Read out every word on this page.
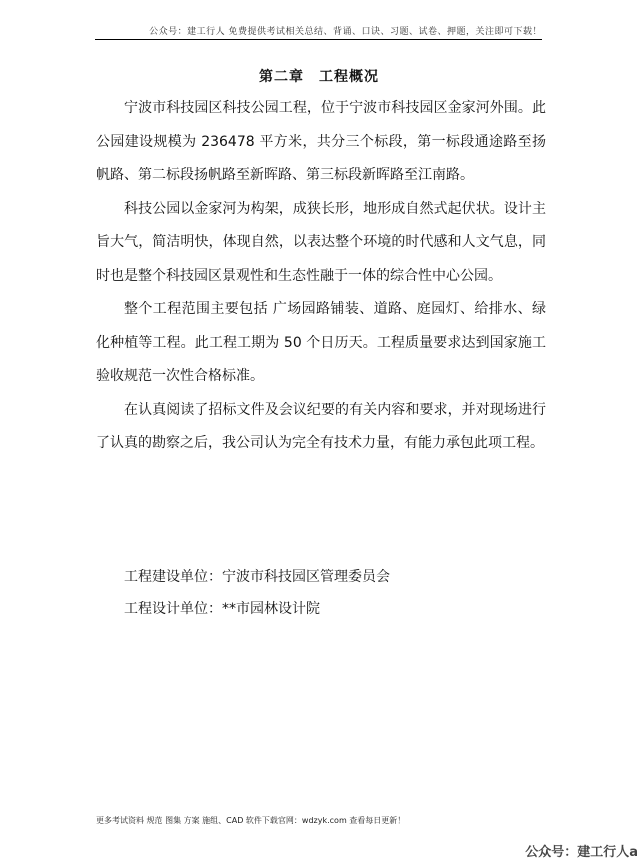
公众号：建工行人 免费提供考试相关总结、背诵、口诀、习题、试卷、押题，关注即可下载！
第二章　工程概况

宁波市科技园区科技公园工程，位于宁波市科技园区金家河外围。此公园建设规模为 236478 平方米，共分三个标段，第一标段通途路至扬帆路、第二标段扬帆路至新晖路、第三标段新晖路至江南路。

科技公园以金家河为构架，成狭长形，地形成自然式起伏状。设计主旨大气，简洁明快，体现自然，以表达整个环境的时代感和人文气息，同时也是整个科技园区景观性和生态性融于一体的综合性中心公园。

整个工程范围主要包括 广场园路铺装、道路、庭园灯、给排水、绿化种植等工程。此工程工期为 50 个日历天。工程质量要求达到国家施工验收规范一次性合格标准。

在认真阅读了招标文件及会议纪要的有关内容和要求，并对现场进行了认真的勘察之后，我公司认为完全有技术力量，有能力承包此项工程。

工程建设单位：宁波市科技园区管理委员会
工程设计单位：**市园林设计院
更多考试资料 规范 图集 方案 施组、CAD 软件下载官网：wdzyk.com 查看每日更新！
公众号：建工行人a
